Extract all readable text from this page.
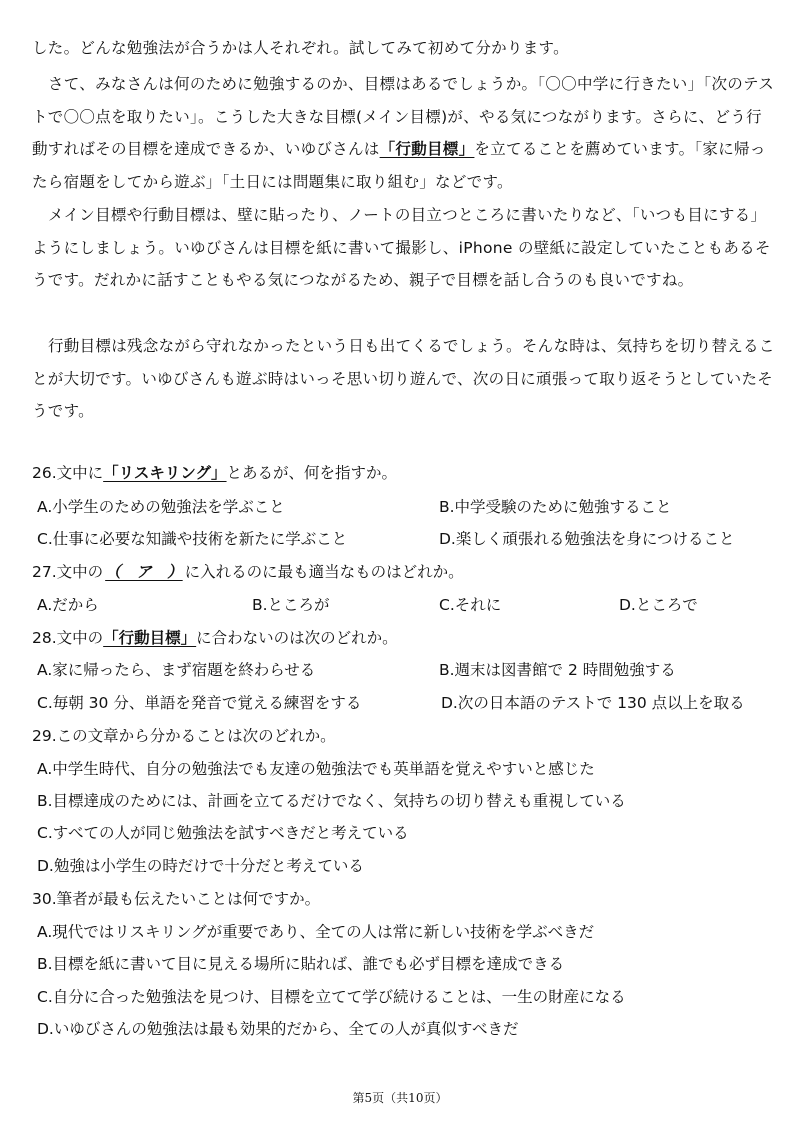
した。どんな勉強法が合うかは人それぞれ。試してみて初めて分かります。

さて、みなさんは何のために勉強するのか、目標はあるでしょうか。「〇〇中学に行きたい」「次のテストで〇〇点を取りたい」。こうした大きな目標(メイン目標)が、やる気につながります。さらに、どう行動すればその目標を達成できるか、いゆびさんは「行動目標」を立てることを薦めています。「家に帰ったら宿題をしてから遊ぶ」「土日には問題集に取り組む」などです。

メイン目標や行動目標は、壁に貼ったり、ノートの目立つところに書いたりなど、「いつも目にする」ようにしましょう。いゆびさんは目標を紙に書いて撮影し、iPhone の壁紙に設定していたこともあるそうです。だれかに話すこともやる気につながるため、親子で目標を話し合うのも良いですね。

行動目標は残念ながら守れなかったという日も出てくるでしょう。そんな時は、気持ちを切り替えることが大切です。いゆびさんも遊ぶ時はいっそ思い切り遊んで、次の日に頑張って取り返そうとしていたそうです。

26.文中に「リスキリング」とあるが、何を指すか。
A.小学生のための勉強法を学ぶこと	B.中学受験のために勉強すること
C.仕事に必要な知識や技術を新たに学ぶこと	D.楽しく頑張れる勉強法を身につけること
27.文中の （　ア　） に入れるのに最も適当なものはどれか。
A.だから	B.ところが	C.それに	D.ところで
28.文中の「行動目標」に合わないのは次のどれか。
A.家に帰ったら、まず宿題を終わらせる	B.週末は図書館で 2 時間勉強する
C.毎朝 30 分、単語を発音で覚える練習をする	D.次の日本語のテストで 130 点以上を取る
29.この文章から分かることは次のどれか。
A.中学生時代、自分の勉強法でも友達の勉強法でも英単語を覚えやすいと感じた
B.目標達成のためには、計画を立てるだけでなく、気持ちの切り替えも重視している
C.すべての人が同じ勉強法を試すべきだと考えている
D.勉強は小学生の時だけで十分だと考えている
30.筆者が最も伝えたいことは何ですか。
A.現代ではリスキリングが重要であり、全ての人は常に新しい技術を学ぶべきだ
B.目標を紙に書いて目に見える場所に貼れば、誰でも必ず目標を達成できる
C.自分に合った勉強法を見つけ、目標を立てて学び続けることは、一生の財産になる
D.いゆびさんの勉強法は最も効果的だから、全ての人が真似すべきだ
第5页（共10页）
